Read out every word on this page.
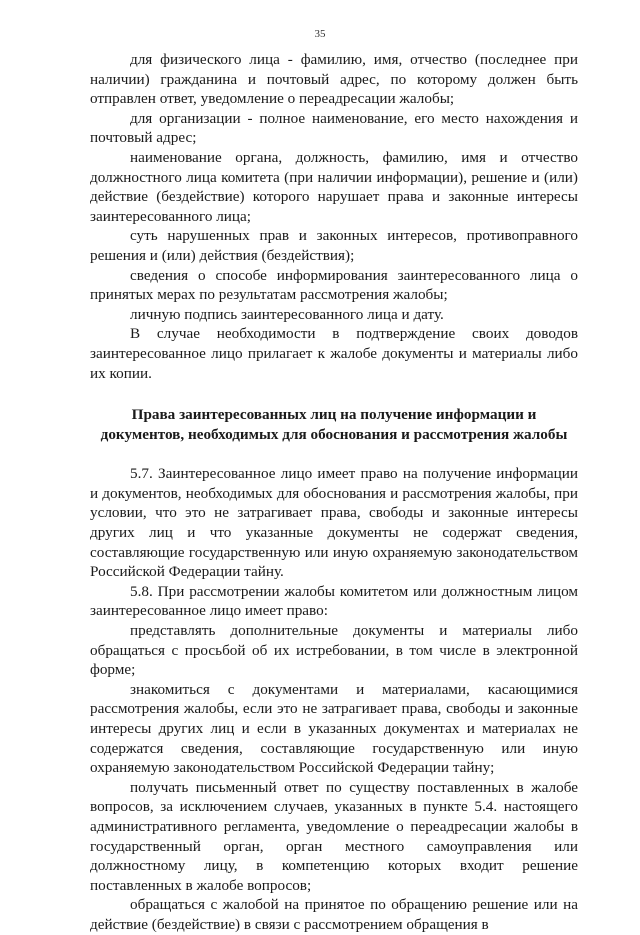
35

для физического лица - фамилию, имя, отчество (последнее при наличии) гражданина и почтовый адрес, по которому должен быть отправлен ответ, уведомление о переадресации жалобы;

для организации - полное наименование, его место нахождения и почтовый адрес;

наименование органа, должность, фамилию, имя и отчество должностного лица комитета (при наличии информации), решение и (или) действие (бездействие) которого нарушает права и законные интересы заинтересованного лица;

суть нарушенных прав и законных интересов, противоправного решения и (или) действия (бездействия);

сведения о способе информирования заинтересованного лица о принятых мерах по результатам рассмотрения жалобы;

личную подпись заинтересованного лица и дату.

В случае необходимости в подтверждение своих доводов заинтересованное лицо прилагает к жалобе документы и материалы либо их копии.

Права заинтересованных лиц на получение информации и документов, необходимых для обоснования и рассмотрения жалобы

5.7. Заинтересованное лицо имеет право на получение информации и документов, необходимых для обоснования и рассмотрения жалобы, при условии, что это не затрагивает права, свободы и законные интересы других лиц и что указанные документы не содержат сведения, составляющие государственную или иную охраняемую законодательством Российской Федерации тайну.

5.8. При рассмотрении жалобы комитетом или должностным лицом заинтересованное лицо имеет право:

представлять дополнительные документы и материалы либо обращаться с просьбой об их истребовании, в том числе в электронной форме;

знакомиться с документами и материалами, касающимися рассмотрения жалобы, если это не затрагивает права, свободы и законные интересы других лиц и если в указанных документах и материалах не содержатся сведения, составляющие государственную или иную охраняемую законодательством Российской Федерации тайну;

получать письменный ответ по существу поставленных в жалобе вопросов, за исключением случаев, указанных в пункте 5.4. настоящего административного регламента, уведомление о переадресации жалобы в государственный орган, орган местного самоуправления или должностному лицу, в компетенцию которых входит решение поставленных в жалобе вопросов;

обращаться с жалобой на принятое по обращению решение или на действие (бездействие) в связи с рассмотрением обращения в
